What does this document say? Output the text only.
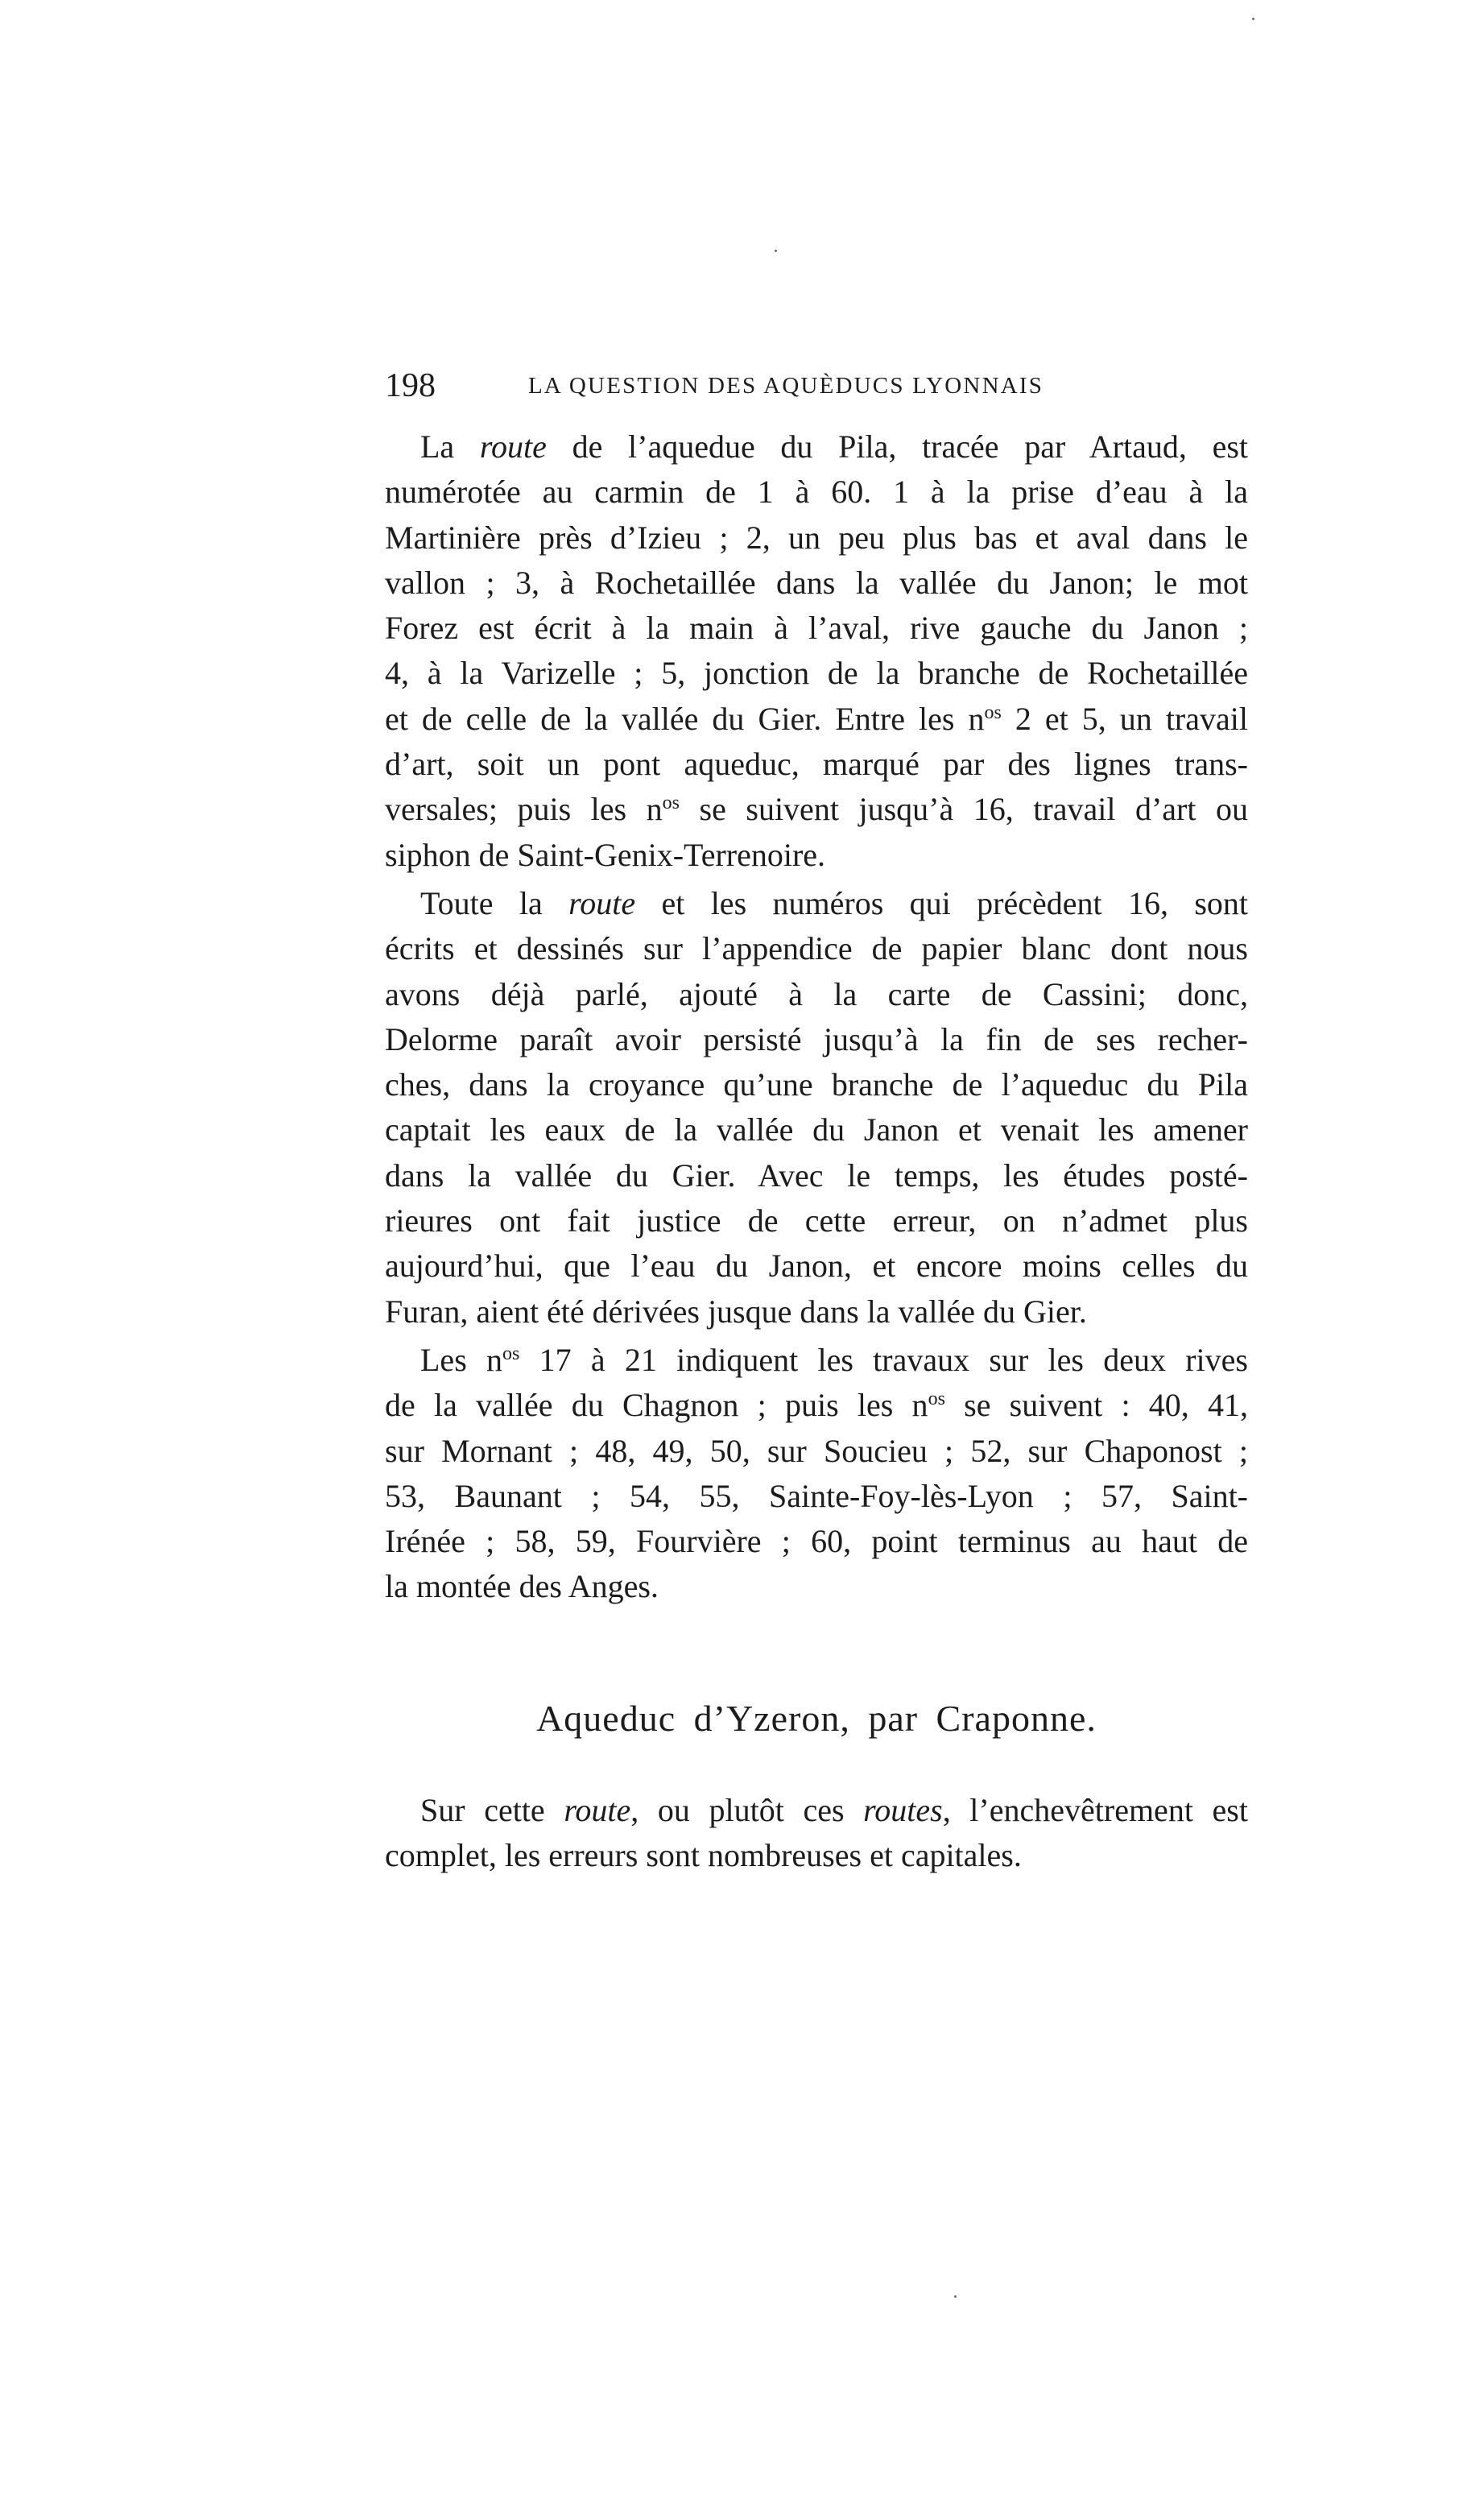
198	LA QUESTION DES AQUÈDUCS LYONNAIS

La route de l’aquedue du Pila, tracée par Artaud, est
numérotée au carmin de 1 à 60. 1 à la prise d’eau à la
Martinière près d’Izieu ; 2, un peu plus bas et aval dans le
vallon ; 3, à Rochetaillée dans la vallée du Janon; le mot
Forez est écrit à la main à l’aval, rive gauche du Janon ;
4, à la Varizelle ; 5, jonction de la branche de Rochetaillée
et de celle de la vallée du Gier. Entre les $n^{os}$ 2 et 5, un travail
d’art, soit un pont aqueduc, marqué par des lignes trans-
versales; puis les $n^{os}$ se suivent jusqu’à 16, travail d’art ou
siphon de Saint-Genix-Terrenoire.

Toute la route et les numéros qui précèdent 16, sont
écrits et dessinés sur l’appendice de papier blanc dont nous
avons déjà parlé, ajouté à la carte de Cassini; donc,
Delorme paraît avoir persisté jusqu’à la fin de ses recher-
ches, dans la croyance qu’une branche de l’aqueduc du Pila
captait les eaux de la vallée du Janon et venait les amener
dans la vallée du Gier. Avec le temps, les études posté-
rieures ont fait justice de cette erreur, on n’admet plus
aujourd’hui, que l’eau du Janon, et encore moins celles du
Furan, aient été dérivées jusque dans la vallée du Gier.

Les $n^{os}$ 17 à 21 indiquent les travaux sur les deux rives
de la vallée du Chagnon ; puis les $n^{os}$ se suivent : 40, 41,
sur Mornant ; 48, 49, 50, sur Soucieu ; 52, sur Chaponost ;
53, Baunant ; 54, 55, Sainte-Foy-lès-Lyon ; 57, Saint-
Irénée ; 58, 59, Fourvière ; 60, point terminus au haut de
la montée des Anges.

Aqueduc d’Yzeron, par Craponne.

Sur cette route, ou plutôt ces routes, l’enchevêtrement est
complet, les erreurs sont nombreuses et capitales.
